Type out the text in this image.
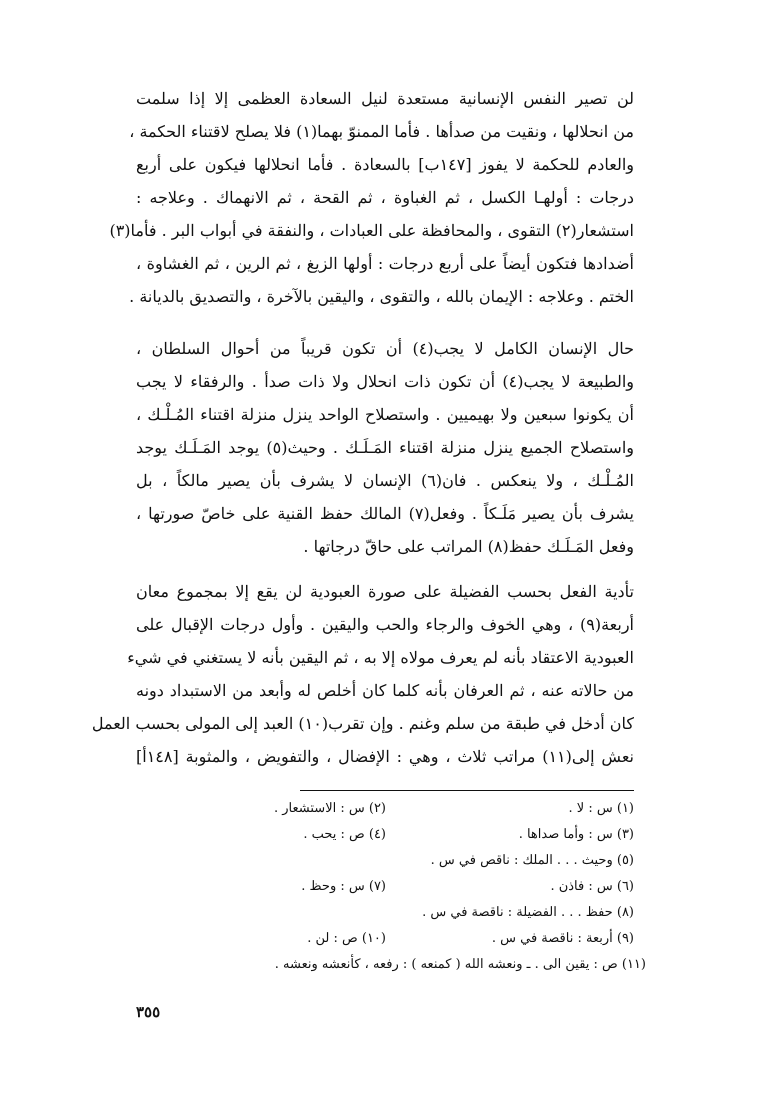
لن تصير النفس الإنسانية مستعدة لنيل السعادة العظمى إلا إذا سلمت
من انحلالها ، ونقيت من صدأها . فأما الممنوّ بهما(١) فلا يصلح لاقتناء الحكمة ،
والعادم للحكمة لا يفوز [١٤٧ب] بالسعادة . فأما انحلالها فيكون على أربع
درجات : أولهـا الكسل ، ثم الغباوة ، ثم القحة ، ثم الانهماك . وعلاجه :
استشعار(٢) التقوى ، والمحافظة على العبادات ، والنفقة في أبواب البر . فأما(٣)
أضدادها فتكون أيضاً على أربع درجات : أولها الزيغ ، ثم الرين ، ثم الغشاوة ،
الختم . وعلاجه : الإيمان بالله ، والتقوى ، واليقين بالآخرة ، والتصديق بالديانة .
حال الإنسان الكامل لا يجب(٤) أن تكون قريباً من أحوال السلطان ،
والطبيعة لا يجب(٤) أن تكون ذات انحلال ولا ذات صدأ . والرفقاء لا يجب
أن يكونوا سبعين ولا بهيميين . واستصلاح الواحد ينزل منزلة اقتناء المُـلْـك ،
واستصلاح الجميع ينزل منزلة اقتناء المَـلَـك . وحيث(٥) يوجد المَـلَـك يوجد
المُـلْـك ، ولا ينعكس . فان(٦) الإنسان لا يشرف بأن يصير مالكاً ، بل
يشرف بأن يصير مَلَـكاً . وفعل(٧) المالك حفظ القنية على خاصّ صورتها ،
وفعل المَـلَـك حفظ(٨) المراتب على حاقّ درجاتها .
تأدية الفعل بحسب الفضيلة على صورة العبودية لن يقع إلا بمجموع معان
أربعة(٩) ، وهي الخوف والرجاء والحب واليقين . وأول درجات الإقبال على
العبودية الاعتقاد بأنه لم يعرف مولاه إلا به ، ثم اليقين بأنه لا يستغني في شيء
من حالاته عنه ، ثم العرفان بأنه كلما كان أخلص له وأبعد من الاستبداد دونه
كان أدخل في طبقة من سلم وغنم . وإن تقرب(١٠) العبد إلى المولى بحسب العمل
نعش إلى(١١) مراتب ثلاث ، وهي : الإفضال ، والتفويض ، والمثوبة [١٤٨أ]
(١) س : لا .
(٢) س : الاستشعار .
(٣) س : وأما صداها .
(٤) ص : يحب .
(٥) وحيث . . . الملك : ناقص في س .
(٦) س : فاذن .
(٧) س : وحظ .
(٨) حفظ . . . الفضيلة : ناقصة في س .
(٩) أربعة : ناقصة في س .
(١٠) ص : لن .
(١١) ص : يقين الى . ـ ونعشه الله ( كمنعه ) : رفعه ، كأنعشه ونعشه .
٣٥٥
